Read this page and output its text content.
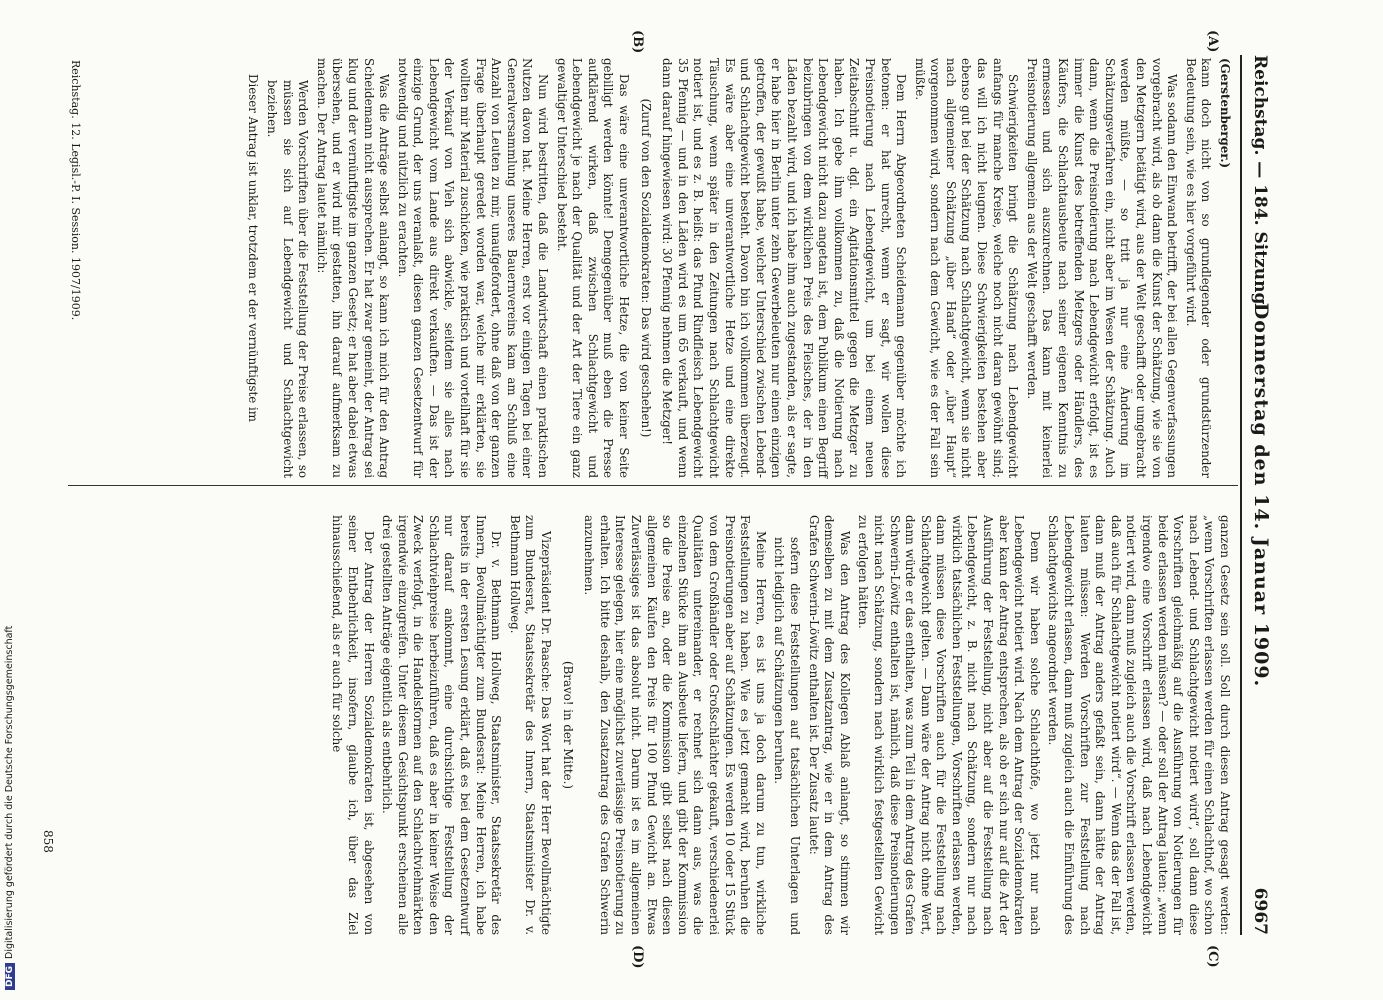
Reichstag. — 184. Sitzung.
Donnerstag den 14. Januar 1909.
6967
(A)
(B)
(C)
(D)

(Gerstenberger.)

kann doch nicht von so grundlegender oder grundstürzender Bedeutung sein, wie es hier vorgeführt wird.

Was sodann den Einwand betrifft, der bei allen Gegenverfassungen vorgebracht wird, als ob dann die Kunst der Schätzung, wie sie von den Metzgern betätigt wird, aus der Welt geschafft oder umgebracht werden müßte, — so tritt ja nur eine Änderung im Schätzungsverfahren ein, nicht aber im Wesen der Schätzung. Auch dann, wenn die Preisnotierung nach Lebendgewicht erfolgt, ist es immer die Kunst des betreffenden Metzgers oder Händlers, des Käufers, die Schlachtausbeute nach seiner eigenen Kenntnis zu ermessen und sich auszurechnen. Das kann mit keinerlei Preisnotierung allgemein aus der Welt geschafft werden.

Schwierigkeiten bringt die Schätzung nach Lebendgewicht anfangs für manche Kreise, welche noch nicht daran gewöhnt sind; das will ich nicht leugnen. Diese Schwierigkeiten bestehen aber ebenso gut bei der Schätzung nach Schlachtgewicht, wenn sie nicht nach allgemeiner Schätzung „über Hand“ oder „über Haupt“ vorgenommen wird, sondern nach dem Gewicht, wie es der Fall sein müßte.

Dem Herrn Abgeordneten Scheidemann gegenüber möchte ich betonen: er hat unrecht, wenn er sagt, wir wollen diese Preisnotierung nach Lebendgewicht, um bei einem neuen Zeitabschnitt u. dgl. ein Agitationsmittel gegen die Metzger zu haben. Ich gebe ihm vollkommen zu, daß die Notierung nach Lebendgewicht nicht dazu angetan ist, dem Publikum einen Begriff beizubringen von dem wirklichen Preis des Fleisches, der in den Läden bezahlt wird, und ich habe ihm auch zugestanden, als er sagte, er habe hier in Berlin unter zehn Gewerbeleuten nur einen einzigen getroffen, der gewußt habe, welcher Unterschied zwischen Lebend- und Schlachtgewicht besteht. Davon bin ich vollkommen überzeugt. Es wäre aber eine unverantwortliche Hetze und eine direkte Täuschung, wenn später in den Zeitungen nach Schlachtgewicht notiert ist, und es z. B. heißt: das Pfund Rindfleisch Lebendgewicht 35 Pfennig — und in den Läden wird es um 65 verkauft, und wenn dann darauf hingewiesen wird: 30 Pfennig nehmen die Metzger!

(Zuruf von den Sozialdemokraten: Das wird geschehen!)

Das wäre eine unverantwortliche Hetze, die von keiner Seite gebilligt werden könnte! Demgegenüber muß eben die Presse aufklärend wirken, daß zwischen Schlachtgewicht und Lebendgewicht je nach der Qualität und der Art der Tiere ein ganz gewaltiger Unterschied besteht.

Nun wird bestritten, daß die Landwirtschaft einen praktischen Nutzen davon hat. Meine Herren, erst vor einigen Tagen bei einer Generalversammlung unseres Bauernvereins kam am Schluß eine Anzahl von Leuten zu mir, unaufgefordert, ohne daß von der ganzen Frage überhaupt geredet worden war, welche mir erklärten, sie wollten mir Material zuschicken, wie praktisch und vorteilhaft für sie der Verkauf von Vieh sich abwickle, seitdem sie alles nach Lebendgewicht vom Lande aus direkt verkauften. — Das ist der einzige Grund, der uns veranlaßt, diesen ganzen Gesetzentwurf für notwendig und nützlich zu erachten.

Was die Anträge selbst anlangt, so kann ich mich für den Antrag Scheidemann nicht aussprechen. Er hat zwar gemeint, der Antrag sei klug und der vernünftigste im ganzen Gesetz; er hat aber dabei etwas übersehen, und er wird mir gestatten, ihn darauf aufmerksam zu machen. Der Antrag lautet nämlich:

Werden Vorschriften über die Feststellung der Preise erlassen, so müssen sie sich auf Lebendgewicht und Schlachtgewicht beziehen.

Dieser Antrag ist unklar, trotzdem er der vernünftigste im

ganzen Gesetz sein soll. Soll durch diesen Antrag gesagt werden: „wenn Vorschriften erlassen werden für einen Schlachthof, wo schon nach Lebend- und Schlachtgewicht notiert wird“, soll dann diese Vorschriften gleichmäßig auf die Ausführung von Notierungen für beide erlassen werden müssen? — oder soll der Antrag lauten: „wenn irgendwo eine Vorschrift erlassen wird, daß nach Lebendgewicht notiert wird, dann muß zugleich auch die Vorschrift erlassen werden, daß auch für Schlachtgewicht notiert wird“. — Wenn das der Fall ist, dann muß der Antrag anders gefaßt sein, dann hätte der Antrag lauten müssen: Werden Vorschriften zur Feststellung nach Lebendgewicht erlassen, dann muß zugleich auch die Einführung des Schlachtgewichts angeordnet werden.

Denn wir haben solche Schlachthöfe, wo jetzt nur nach Lebendgewicht notiert wird. Nach dem Antrag der Sozialdemokraten aber kann der Antrag entsprechen, als ob er sich nur auf die Art der Ausführung der Feststellung, nicht aber auf die Feststellung nach Lebendgewicht, z. B. nicht nach Schätzung, sondern nur nach wirklich tatsächlichen Feststellungen, Vorschriften erlassen werden, dann müssen diese Vorschriften auch für die Feststellung nach Schlachtgewicht gelten. — Dann wäre der Antrag nicht ohne Wert, dann würde er das enthalten, was zum Teil in dem Antrag des Grafen Schwerin-Löwitz enthalten ist, nämlich, daß diese Preisnotierungen nicht nach Schätzung, sondern nach wirklich festgestellten Gewicht zu erfolgen hätten.

Was den Antrag des Kollegen Ablaß anlangt, so stimmen wir demselben zu mit dem Zusatzantrag, wie er in dem Antrag des Grafen Schwerin-Löwitz enthalten ist. Der Zusatz lautet:

sofern diese Feststellungen auf tatsächlichen Unterlagen und nicht lediglich auf Schätzungen beruhen.

Meine Herren, es ist uns ja doch darum zu tun, wirkliche Feststellungen zu haben. Wie es jetzt gemacht wird, beruhen die Preisnotierungen aber auf Schätzungen. Es werden 10 oder 15 Stück von dem Großhändler oder Großschlächter gekauft, verschiedenerlei Qualitäten untereinander, er rechnet sich dann aus, was die einzelnen Stücke ihm an Ausbeute liefern, und gibt der Kommission so die Preise an, oder die Kommission gibt selbst nach diesen allgemeinen Käufen den Preis für 100 Pfund Gewicht an. Etwas Zuverlässiges ist das absolut nicht. Darum ist es im allgemeinen Interesse gelegen, hier eine möglichst zuverlässige Preisnotierung zu erhalten. Ich bitte deshalb, den Zusatzantrag des Grafen Schwerin anzunehmen.

(Bravo! in der Mitte.)

Vizepräsident Dr. Paasche: Das Wort hat der Herr Bevollmächtigte zum Bundesrat, Staatssekretär des Innern, Staatsminister Dr. v. Bethmann Hollweg.

Dr. v. Bethmann Hollweg, Staatsminister, Staatssekretär des Innern, Bevollmächtigter zum Bundesrat: Meine Herren, ich habe bereits in der ersten Lesung erklärt, daß es bei dem Gesetzentwurf nur darauf ankommt, eine durchsichtige Feststellung der Schlachtviehpreise herbeizuführen, daß es aber in keiner Weise den Zweck verfolgt, in die Handelsformen auf den Schlachtviehmärkten irgendwie einzugreifen. Unter diesem Gesichtspunkt erscheinen alle drei gestellten Anträge eigentlich als entbehrlich.

Der Antrag der Herren Sozialdemokraten ist, abgesehen von seiner Entbehrlichkeit, insofern, glaube ich, über das Ziel hinausschießend, als er auch für solche

Reichstag. 12. Legisl.-P. I. Session. 1907/1909.
858
DFGDigitalisierung gefördert durch die Deutsche Forschungsgemeinschaft
